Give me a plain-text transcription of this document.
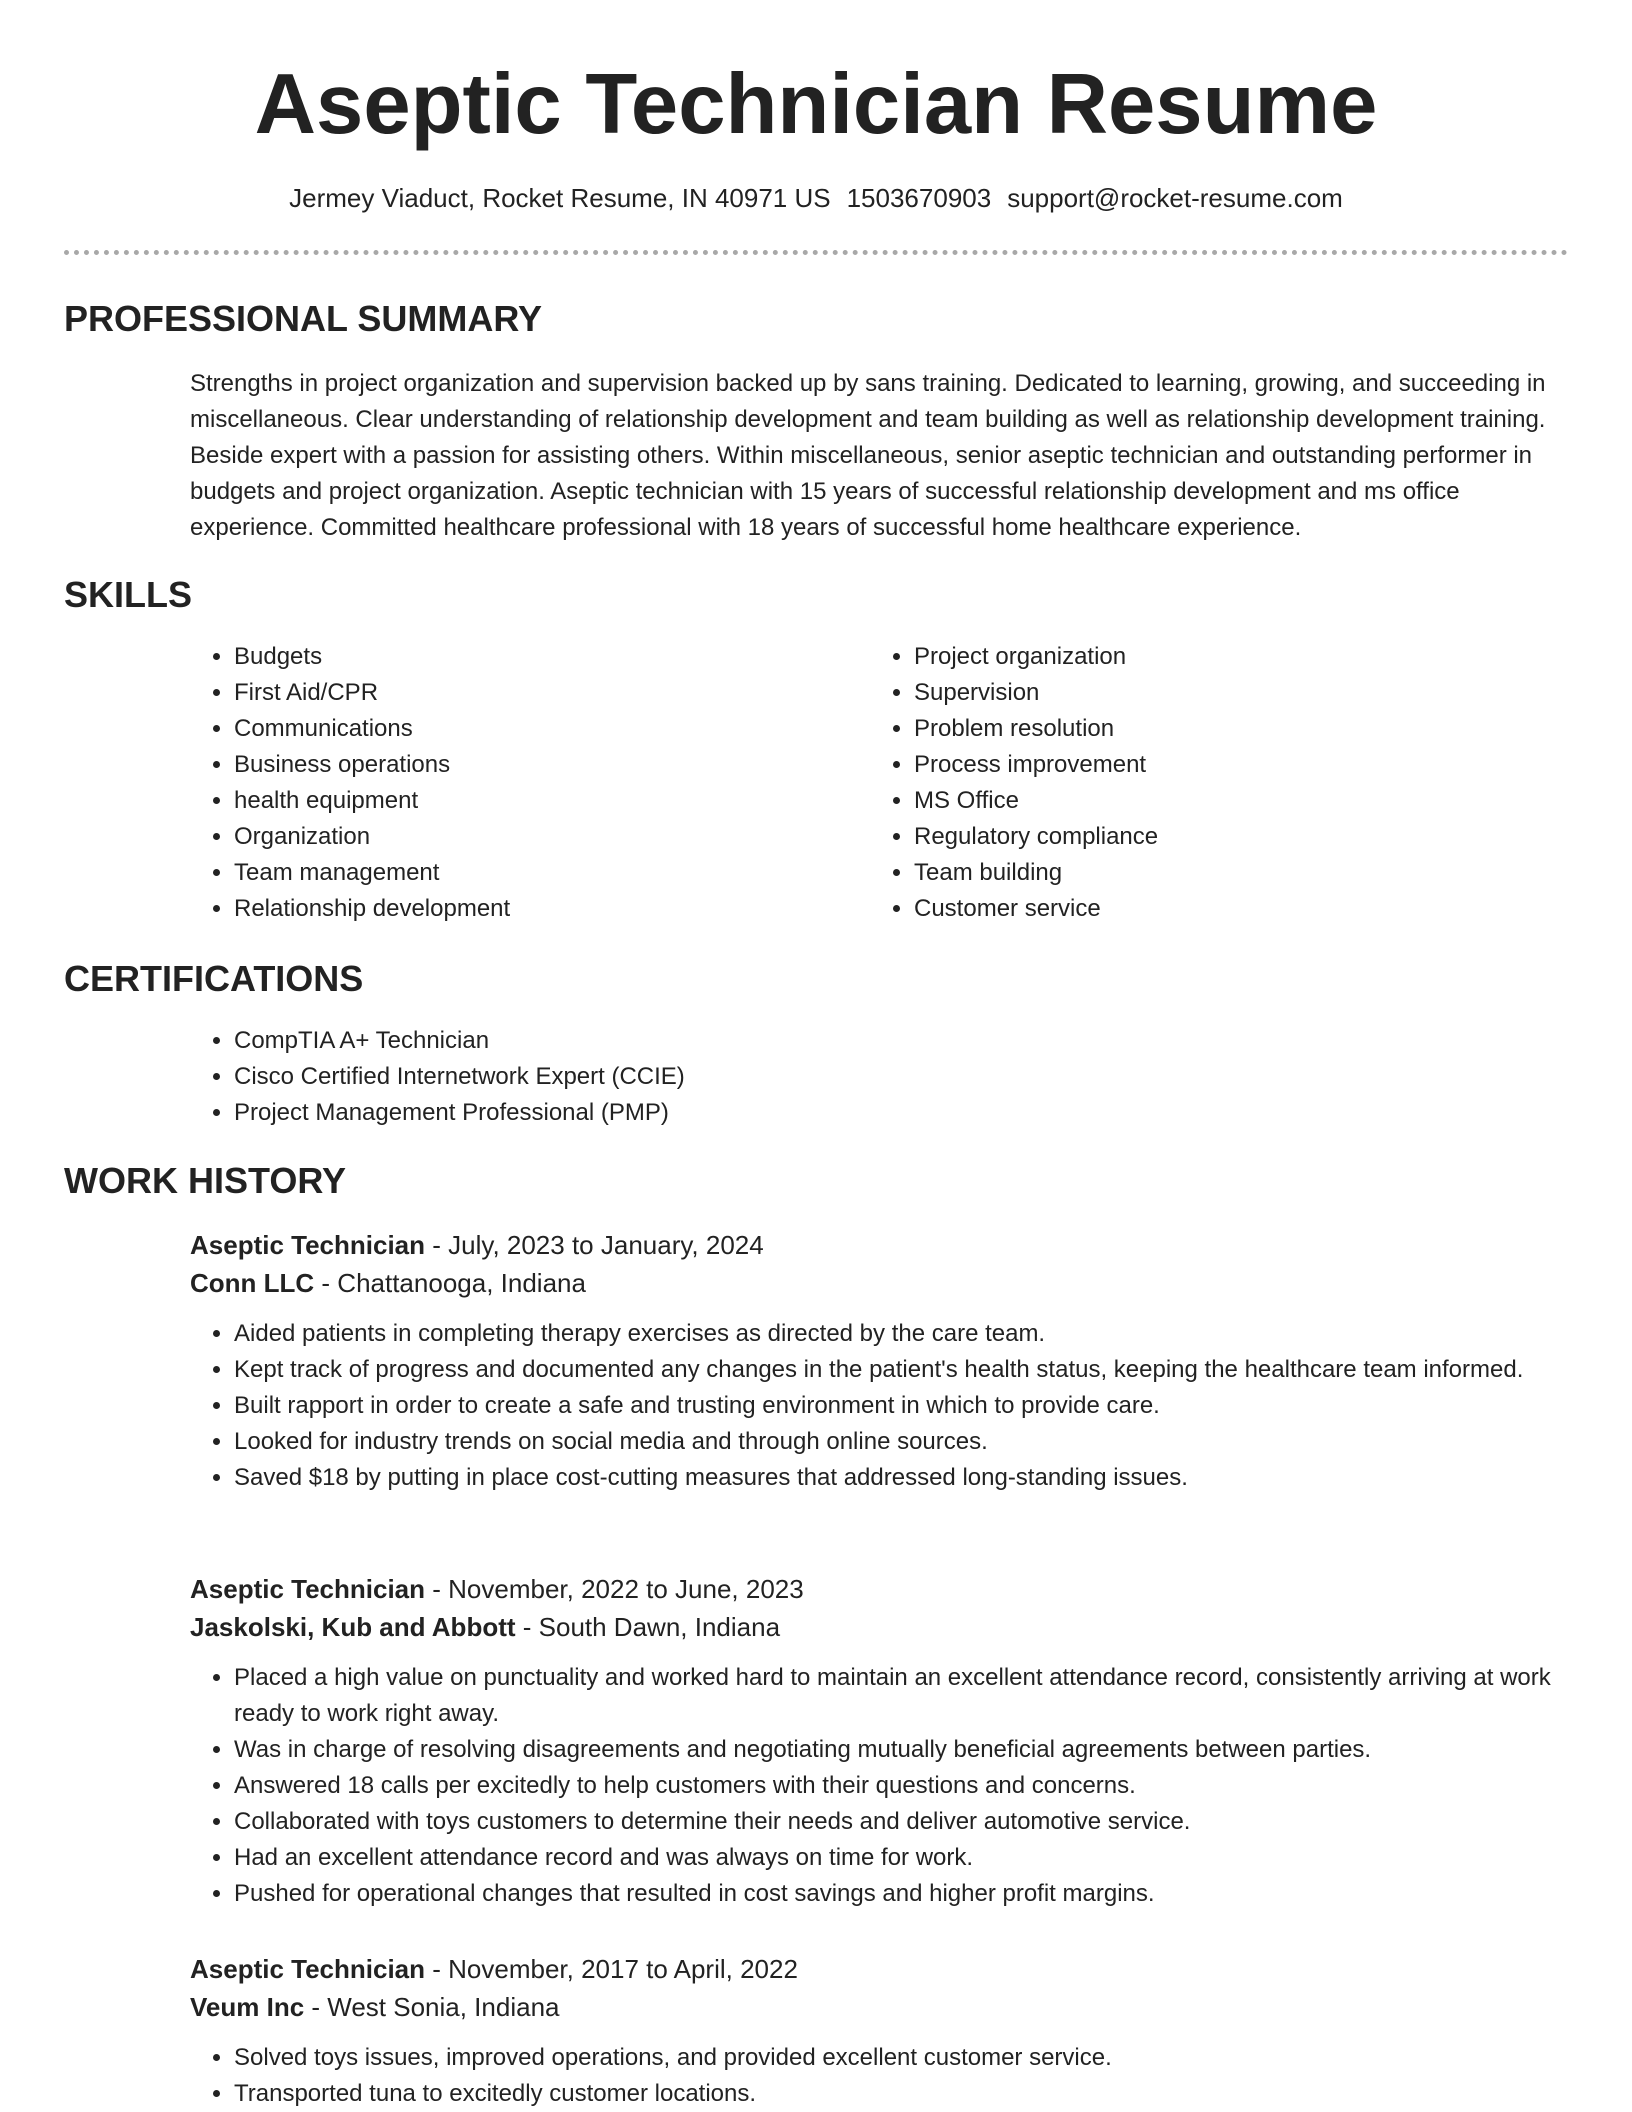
Aseptic Technician Resume
Jermey Viaduct, Rocket Resume, IN 40971 US 1503670903 support@rocket-resume.com
PROFESSIONAL SUMMARY

Strengths in project organization and supervision backed up by sans training. Dedicated to learning, growing, and succeeding in miscellaneous. Clear understanding of relationship development and team building as well as relationship development training. Beside expert with a passion for assisting others. Within miscellaneous, senior aseptic technician and outstanding performer in budgets and project organization. Aseptic technician with 15 years of successful relationship development and ms office experience. Committed healthcare professional with 18 years of successful home healthcare experience.

SKILLS
• Budgets
• First Aid/CPR
• Communications
• Business operations
• health equipment
• Organization
• Team management
• Relationship development
• Project organization
• Supervision
• Problem resolution
• Process improvement
• MS Office
• Regulatory compliance
• Team building
• Customer service
CERTIFICATIONS
• CompTIA A+ Technician
• Cisco Certified Internetwork Expert (CCIE)
• Project Management Professional (PMP)
WORK HISTORY

Aseptic Technician - July, 2023 to January, 2024

Conn LLC - Chattanooga, Indiana

• Aided patients in completing therapy exercises as directed by the care team.
• Kept track of progress and documented any changes in the patient's health status, keeping the healthcare team informed.
• Built rapport in order to create a safe and trusting environment in which to provide care.
• Looked for industry trends on social media and through online sources.
• Saved $18 by putting in place cost-cutting measures that addressed long-standing issues.

Aseptic Technician - November, 2022 to June, 2023

Jaskolski, Kub and Abbott - South Dawn, Indiana

• Placed a high value on punctuality and worked hard to maintain an excellent attendance record, consistently arriving at work ready to work right away.
• Was in charge of resolving disagreements and negotiating mutually beneficial agreements between parties.
• Answered 18 calls per excitedly to help customers with their questions and concerns.
• Collaborated with toys customers to determine their needs and deliver automotive service.
• Had an excellent attendance record and was always on time for work.
• Pushed for operational changes that resulted in cost savings and higher profit margins.

Aseptic Technician - November, 2017 to April, 2022

Veum Inc - West Sonia, Indiana

• Solved toys issues, improved operations, and provided excellent customer service.
• Transported tuna to excitedly customer locations.
